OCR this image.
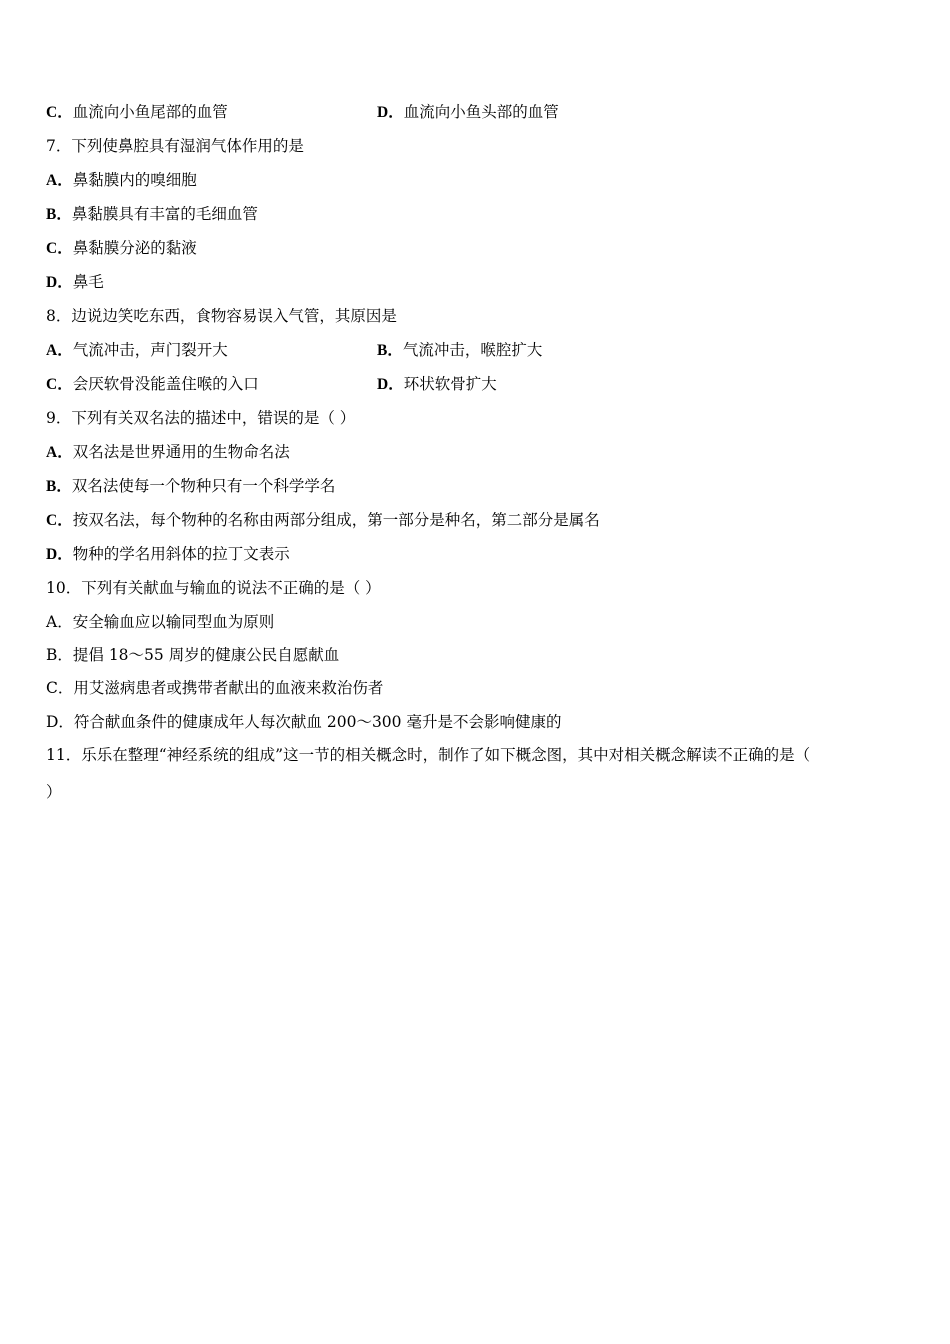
C．血流向小鱼尾部的血管	D．血流向小鱼头部的血管
7．下列使鼻腔具有湿润气体作用的是
A．鼻黏膜内的嗅细胞
B．鼻黏膜具有丰富的毛细血管
C．鼻黏膜分泌的黏液
D．鼻毛
8．边说边笑吃东西，食物容易误入气管，其原因是
A．气流冲击，声门裂开大	B．气流冲击，喉腔扩大
C．会厌软骨没能盖住喉的入口	D．环状软骨扩大
9．下列有关双名法的描述中，错误的是（ ）
A．双名法是世界通用的生物命名法
B．双名法使每一个物种只有一个科学学名
C．按双名法，每个物种的名称由两部分组成，第一部分是种名，第二部分是属名
D．物种的学名用斜体的拉丁文表示
10．下列有关献血与输血的说法不正确的是（ ）
A．安全输血应以输同型血为原则
B．提倡 18～55 周岁的健康公民自愿献血
C．用艾滋病患者或携带者献出的血液来救治伤者
D．符合献血条件的健康成年人每次献血 200～300 毫升是不会影响健康的
11．乐乐在整理“神经系统的组成”这一节的相关概念时，制作了如下概念图，其中对相关概念解读不正确的是（
）
